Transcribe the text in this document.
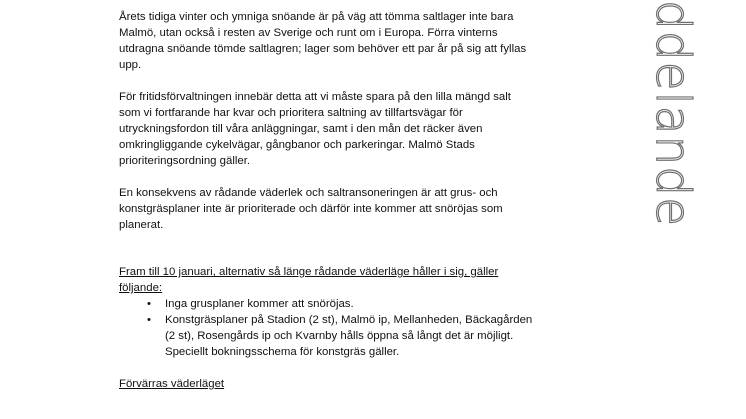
Årets tidiga vinter och ymniga snöande är på väg att tömma saltlager inte bara
Malmö, utan också i resten av Sverige och runt om i Europa. Förra vinterns
utdragna snöande tömde saltlagren; lager som behöver ett par år på sig att fyllas
upp.

För fritidsförvaltningen innebär detta att vi måste spara på den lilla mängd salt
som vi fortfarande har kvar och prioritera saltning av tillfartsvägar för
utryckningsfordon till våra anläggningar, samt i den mån det räcker även
omkringliggande cykelvägar, gångbanor och parkeringar. Malmö Stads
prioriteringsordning gäller.

En konsekvens av rådande väderlek och saltransoneringen är att grus- och
konstgräsplaner inte är prioriterade och därför inte kommer att snöröjas som
planerat.

Fram till 10 januari, alternativ så länge rådande väderläge håller i sig, gäller
följande:

• Inga grusplaner kommer att snöröjas.
• Konstgräsplaner på Stadion (2 st), Malmö ip, Mellanheden, Bäckagården
(2 st), Rosengårds ip och Kvarnby hålls öppna så långt det är möjligt.
Speciellt bokningsschema för konstgräs gäller.

Förvärras väderläget

ddelande
